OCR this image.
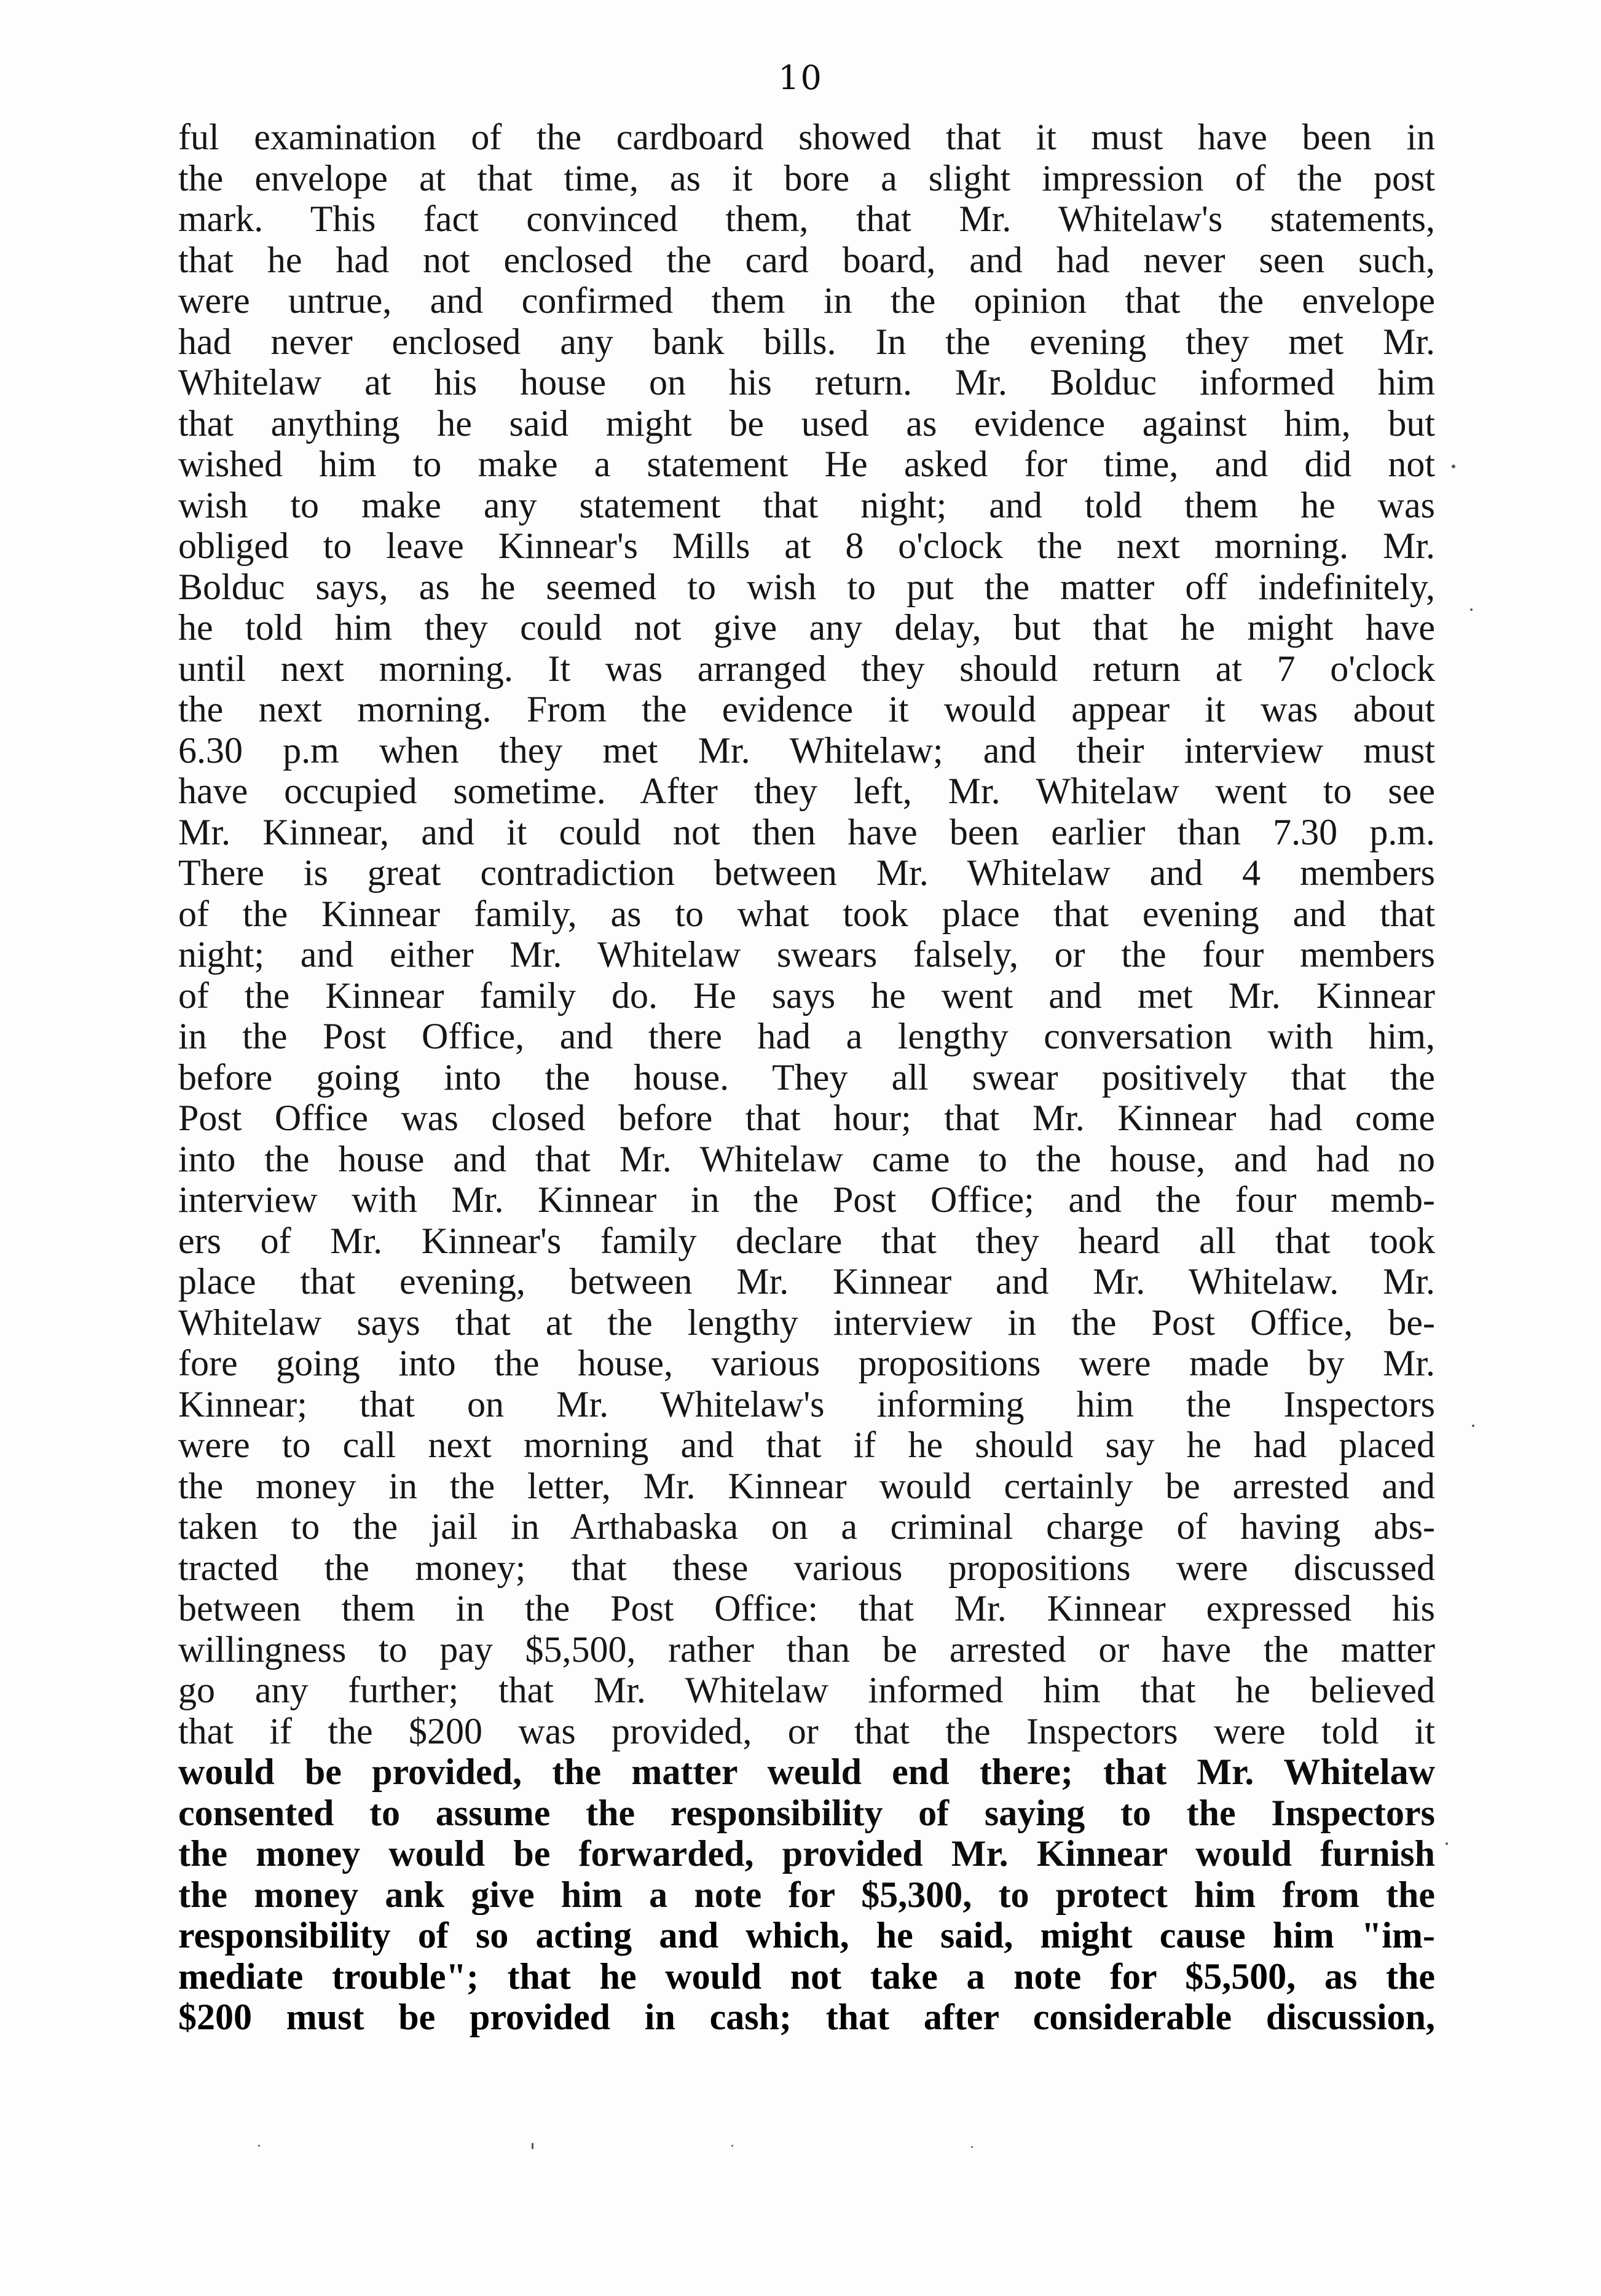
10
ful examination of the cardboard showed that it must have been in
the envelope at that time, as it bore a slight impression of the post
mark. This fact convinced them, that Mr. Whitelaw's statements,
that he had not enclosed the card board, and had never seen such,
were untrue, and confirmed them in the opinion that the envelope
had never enclosed any bank bills. In the evening they met Mr.
Whitelaw at his house on his return. Mr. Bolduc informed him
that anything he said might be used as evidence against him, but
wished him to make a statement He asked for time, and did not
wish to make any statement that night; and told them he was
obliged to leave Kinnear's Mills at 8 o'clock the next morning. Mr.
Bolduc says, as he seemed to wish to put the matter off indefinitely,
he told him they could not give any delay, but that he might have
until next morning. It was arranged they should return at 7 o'clock
the next morning. From the evidence it would appear it was about
6.30 p.m when they met Mr. Whitelaw; and their interview must
have occupied sometime. After they left, Mr. Whitelaw went to see
Mr. Kinnear, and it could not then have been earlier than 7.30 p.m.
There is great contradiction between Mr. Whitelaw and 4 members
of the Kinnear family, as to what took place that evening and that
night; and either Mr. Whitelaw swears falsely, or the four members
of the Kinnear family do. He says he went and met Mr. Kinnear
in the Post Office, and there had a lengthy conversation with him,
before going into the house. They all swear positively that the
Post Office was closed before that hour; that Mr. Kinnear had come
into the house and that Mr. Whitelaw came to the house, and had no
interview with Mr. Kinnear in the Post Office; and the four memb-
ers of Mr. Kinnear's family declare that they heard all that took
place that evening, between Mr. Kinnear and Mr. Whitelaw. Mr.
Whitelaw says that at the lengthy interview in the Post Office, be-
fore going into the house, various propositions were made by Mr.
Kinnear; that on Mr. Whitelaw's informing him the Inspectors
were to call next morning and that if he should say he had placed
the money in the letter, Mr. Kinnear would certainly be arrested and
taken to the jail in Arthabaska on a criminal charge of having abs-
tracted the money; that these various propositions were discussed
between them in the Post Office: that Mr. Kinnear expressed his
willingness to pay $5,500, rather than be arrested or have the matter
go any further; that Mr. Whitelaw informed him that he believed
that if the $200 was provided, or that the Inspectors were told it
would be provided, the matter weuld end there; that Mr. Whitelaw
consented to assume the responsibility of saying to the Inspectors
the money would be forwarded, provided Mr. Kinnear would furnish
the money ank give him a note for $5,300, to protect him from the
responsibility of so acting and which, he said, might cause him "im-
mediate trouble"; that he would not take a note for $5,500, as the
$200 must be provided in cash; that after considerable discussion,
